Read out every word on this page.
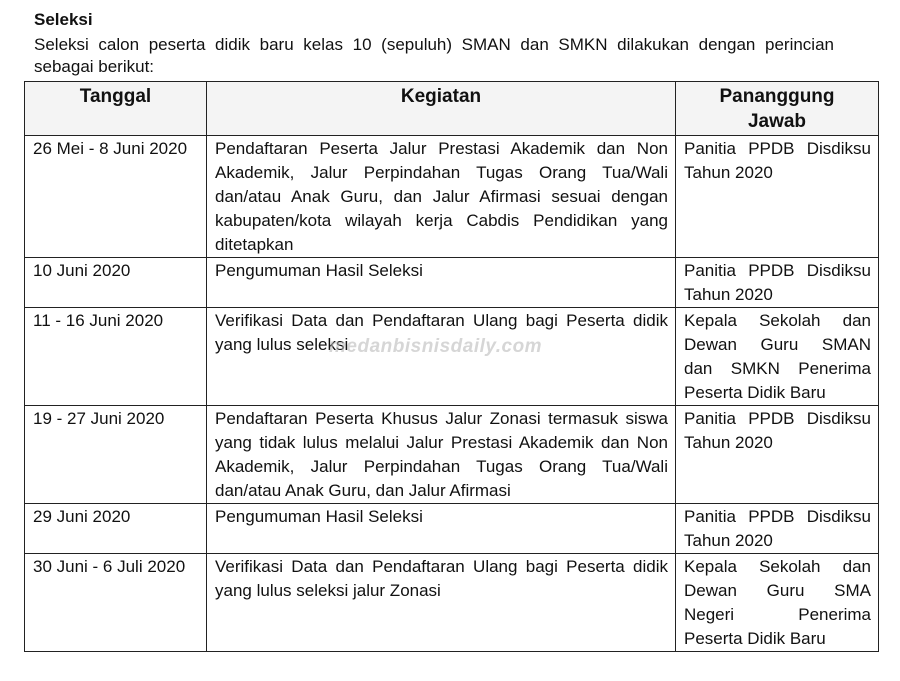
Seleksi
Seleksi calon peserta didik baru kelas 10 (sepuluh) SMAN dan SMKN dilakukan dengan perincian
sebagai berikut:
Tanggal	Kegiatan	Pananggung
Jawab
26 Mei - 8 Juni 2020	Pendaftaran Peserta Jalur Prestasi Akademik dan Non
Akademik, Jalur Perpindahan Tugas Orang Tua/Wali
dan/atau Anak Guru, dan Jalur Afirmasi sesuai dengan
kabupaten/kota wilayah kerja Cabdis Pendidikan yang
ditetapkan	Panitia PPDB Disdiksu
Tahun 2020

10 Juni 2020	Pengumuman Hasil Seleksi	Panitia PPDB Disdiksu
Tahun 2020

11 - 16 Juni 2020	Verifikasi Data dan Pendaftaran Ulang bagi Peserta didik
yang lulus seleksi	Kepala Sekolah dan
Dewan Guru SMAN
dan SMKN Penerima
Peserta Didik Baru

19 - 27 Juni 2020	Pendaftaran Peserta Khusus Jalur Zonasi termasuk siswa
yang tidak lulus melalui Jalur Prestasi Akademik dan Non
Akademik, Jalur Perpindahan Tugas Orang Tua/Wali
dan/atau Anak Guru, dan Jalur Afirmasi	Panitia PPDB Disdiksu
Tahun 2020

29 Juni 2020	Pengumuman Hasil Seleksi	Panitia PPDB Disdiksu
Tahun 2020

30 Juni - 6 Juli 2020	Verifikasi Data dan Pendaftaran Ulang bagi Peserta didik
yang lulus seleksi jalur Zonasi	Kepala Sekolah dan
Dewan Guru SMA
Negeri Penerima
Peserta Didik Baru
medanbisnisdaily.com
